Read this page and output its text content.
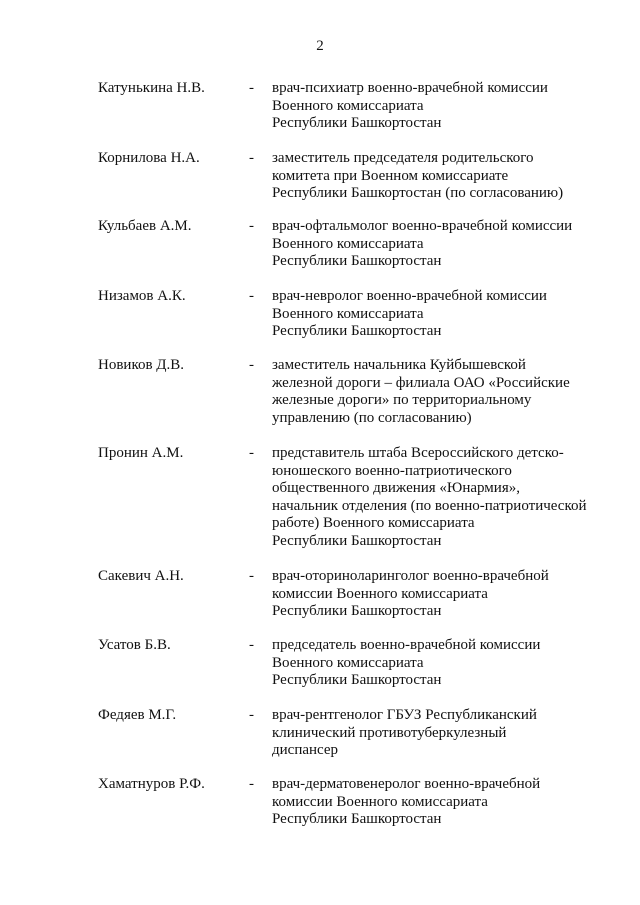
2
Катунькина Н.В.	- врач-психиатр военно-врачебной комиссии
Военного комиссариата
Республики Башкортостан
Корнилова Н.А.	- заместитель председателя родительского
комитета при Военном комиссариате
Республики Башкортостан (по согласованию)
Кульбаев А.М.	- врач-офтальмолог военно-врачебной комиссии
Военного комиссариата
Республики Башкортостан
Низамов А.К.	- врач-невролог военно-врачебной комиссии
Военного комиссариата
Республики Башкортостан
Новиков Д.В.	- заместитель начальника Куйбышевской
железной дороги – филиала ОАО «Российские
железные дороги» по территориальному
управлению (по согласованию)
Пронин А.М.	- представитель штаба Всероссийского детско-
юношеского военно-патриотического
общественного движения «Юнармия»,
начальник отделения (по военно-патриотической
работе) Военного комиссариата
Республики Башкортостан
Сакевич А.Н.	- врач-оториноларинголог военно-врачебной
комиссии Военного комиссариата
Республики Башкортостан
Усатов Б.В.	- председатель военно-врачебной комиссии
Военного комиссариата
Республики Башкортостан
Федяев М.Г.	- врач-рентгенолог ГБУЗ Республиканский
клинический противотуберкулезный
диспансер
Хаматнуров Р.Ф.	- врач-дерматовенеролог военно-врачебной
комиссии Военного комиссариата
Республики Башкортостан
